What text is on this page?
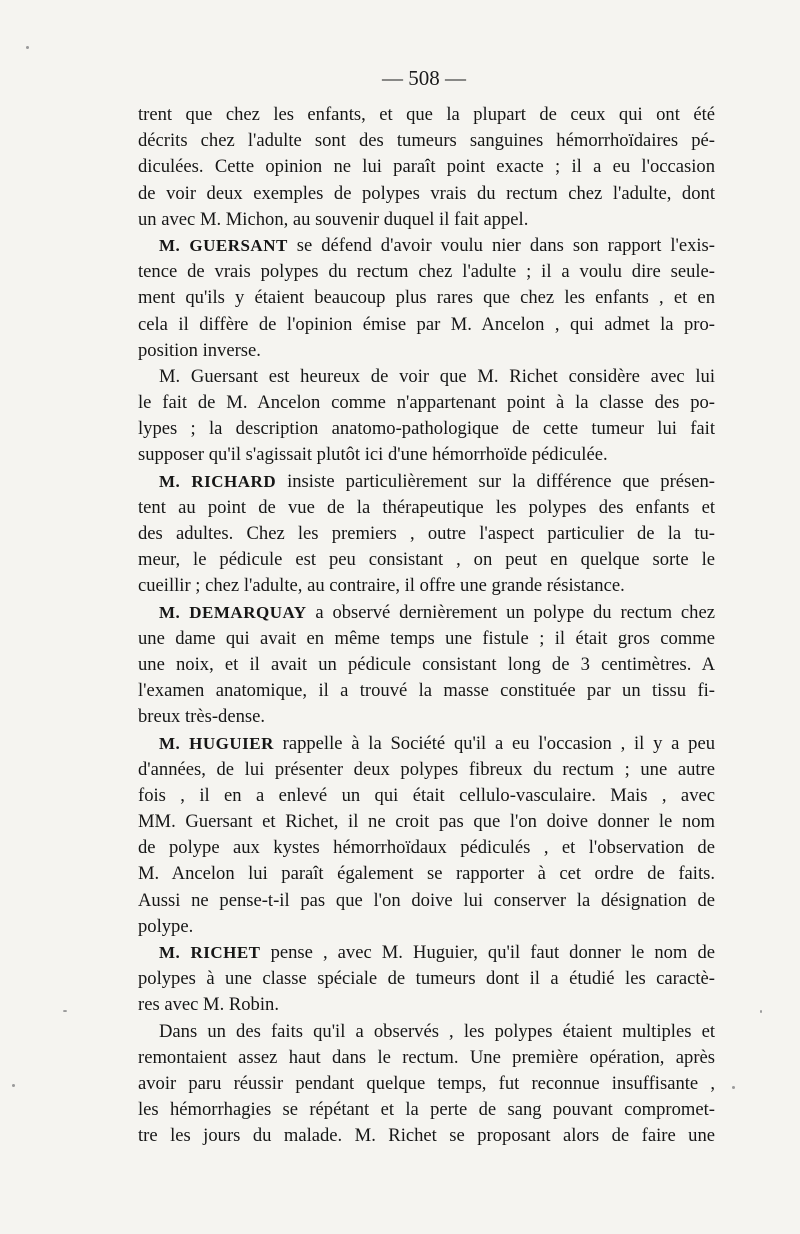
— 508 —
trent que chez les enfants, et que la plupart de ceux qui ont été
décrits chez l'adulte sont des tumeurs sanguines hémorrhoïdaires pé-
diculées. Cette opinion ne lui paraît point exacte ; il a eu l'occasion
de voir deux exemples de polypes vrais du rectum chez l'adulte, dont
un avec M. Michon, au souvenir duquel il fait appel.
M. GUERSANT se défend d'avoir voulu nier dans son rapport l'exis-
tence de vrais polypes du rectum chez l'adulte ; il a voulu dire seule-
ment qu'ils y étaient beaucoup plus rares que chez les enfants , et en
cela il diffère de l'opinion émise par M. Ancelon , qui admet la pro-
position inverse.
M. Guersant est heureux de voir que M. Richet considère avec lui
le fait de M. Ancelon comme n'appartenant point à la classe des po-
lypes ; la description anatomo-pathologique de cette tumeur lui fait
supposer qu'il s'agissait plutôt ici d'une hémorrhoïde pédiculée.
M. RICHARD insiste particulièrement sur la différence que présen-
tent au point de vue de la thérapeutique les polypes des enfants et
des adultes. Chez les premiers , outre l'aspect particulier de la tu-
meur, le pédicule est peu consistant , on peut en quelque sorte le
cueillir ; chez l'adulte, au contraire, il offre une grande résistance.
M. DEMARQUAY a observé dernièrement un polype du rectum chez
une dame qui avait en même temps une fistule ; il était gros comme
une noix, et il avait un pédicule consistant long de 3 centimètres. A
l'examen anatomique, il a trouvé la masse constituée par un tissu fi-
breux très-dense.
M. HUGUIER rappelle à la Société qu'il a eu l'occasion , il y a peu
d'années, de lui présenter deux polypes fibreux du rectum ; une autre
fois , il en a enlevé un qui était cellulo-vasculaire. Mais , avec
MM. Guersant et Richet, il ne croit pas que l'on doive donner le nom
de polype aux kystes hémorrhoïdaux pédiculés , et l'observation de
M. Ancelon lui paraît également se rapporter à cet ordre de faits.
Aussi ne pense-t-il pas que l'on doive lui conserver la désignation de
polype.
M. RICHET pense , avec M. Huguier, qu'il faut donner le nom de
polypes à une classe spéciale de tumeurs dont il a étudié les caractè-
res avec M. Robin.
Dans un des faits qu'il a observés , les polypes étaient multiples et
remontaient assez haut dans le rectum. Une première opération, après
avoir paru réussir pendant quelque temps, fut reconnue insuffisante ,
les hémorrhagies se répétant et la perte de sang pouvant compromet-
tre les jours du malade. M. Richet se proposant alors de faire une
